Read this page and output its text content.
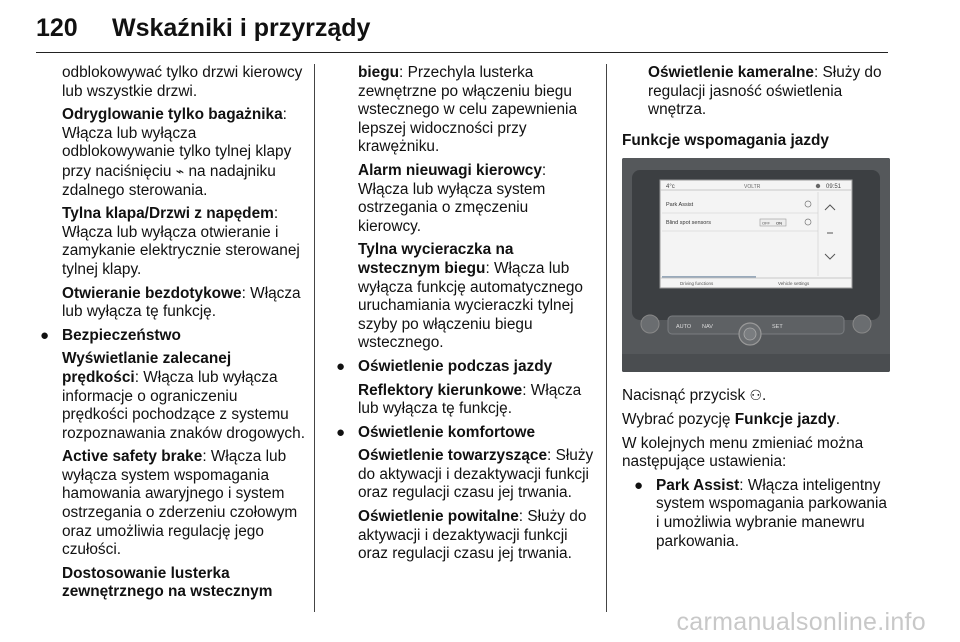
120 Wskaźniki i przyrządy

odblokowywać tylko drzwi kierowcy lub wszystkie drzwi.

Odryglowanie tylko bagażnika: Włącza lub wyłącza odblokowywanie tylko tylnej klapy przy naciśnięciu ⌁ na nadajniku zdalnego sterowania.

Tylna klapa/Drzwi z napędem: Włącza lub wyłącza otwieranie i zamykanie elektrycznie sterowanej tylnej klapy.

Otwieranie bezdotykowe: Włącza lub wyłącza tę funkcję.

● Bezpieczeństwo

Wyświetlanie zalecanej prędkości: Włącza lub wyłącza informacje o ograniczeniu prędkości pochodzące z systemu rozpoznawania znaków drogowych.

Active safety brake: Włącza lub wyłącza system wspomagania hamowania awaryjnego i system ostrzegania o zderzeniu czołowym oraz umożliwia regulację jego czułości.

Dostosowanie lusterka zewnętrznego na wstecznym

biegu: Przechyla lusterka zewnętrzne po włączeniu biegu wstecznego w celu zapewnienia lepszej widoczności przy krawężniku.

Alarm nieuwagi kierowcy: Włącza lub wyłącza system ostrzegania o zmęczeniu kierowcy.

Tylna wycieraczka na wstecznym biegu: Włącza lub wyłącza funkcję automatycznego uruchamiania wycieraczki tylnej szyby po włączeniu biegu wstecznego.

● Oświetlenie podczas jazdy

Reflektory kierunkowe: Włącza lub wyłącza tę funkcję.

● Oświetlenie komfortowe

Oświetlenie towarzyszące: Służy do aktywacji i dezaktywacji funkcji oraz regulacji czasu jej trwania.

Oświetlenie powitalne: Służy do aktywacji i dezaktywacji funkcji oraz regulacji czasu jej trwania.

Oświetlenie kameralne: Służy do regulacji jasność oświetlenia wnętrza.

Funkcje wspomagania jazdy

4°c	VOLTR	09:51
Park Assist
Blind spot sensors	OFF ON
Driving functions	Vehicle settings
AUTO NAV	SET

Nacisnąć przycisk ⚇.

Wybrać pozycję Funkcje jazdy.

W kolejnych menu zmieniać można następujące ustawienia:

● Park Assist: Włącza inteligentny system wspomagania parkowania i umożliwia wybranie manewru parkowania.
carmanualsonline.info
